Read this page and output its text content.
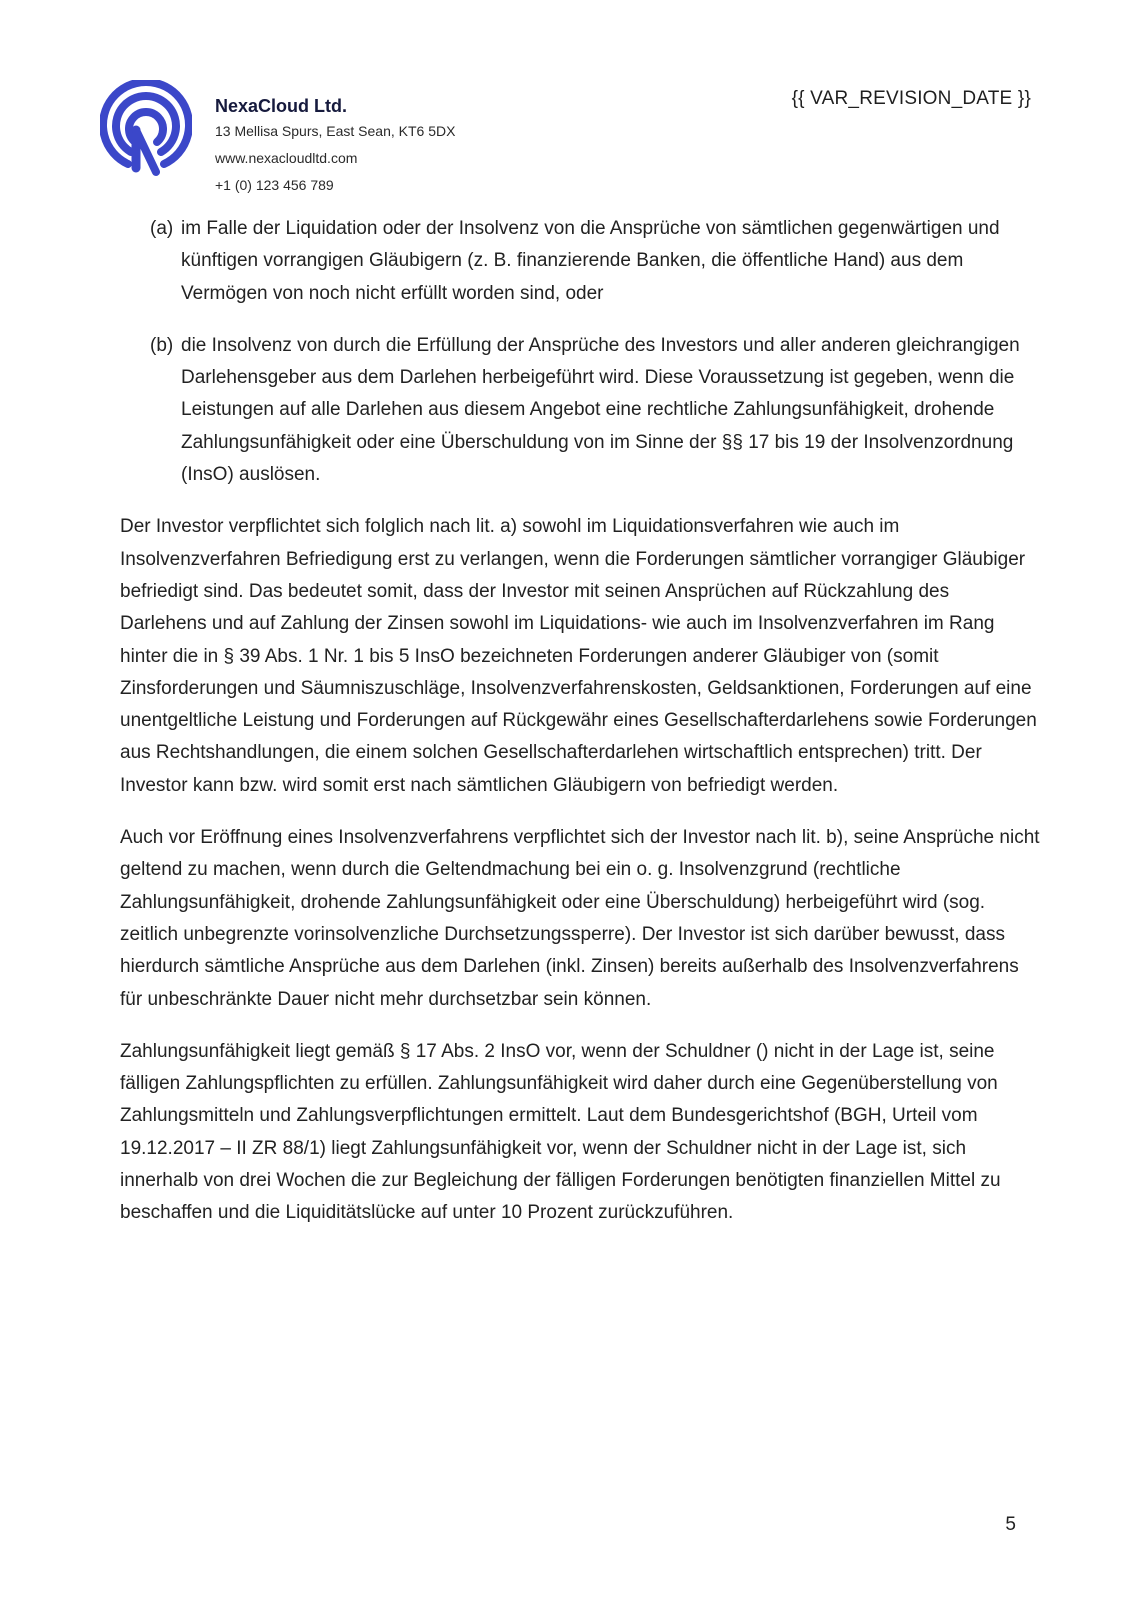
NexaCloud Ltd.
13 Mellisa Spurs, East Sean, KT6 5DX
www.nexacloudltd.com
+1 (0) 123 456 789
{{ VAR_REVISION_DATE }}
(a) im Falle der Liquidation oder der Insolvenz von die Ansprüche von sämtlichen gegenwärtigen und künftigen vorrangigen Gläubigern (z. B. finanzierende Banken, die öffentliche Hand) aus dem Vermögen von noch nicht erfüllt worden sind, oder
(b) die Insolvenz von durch die Erfüllung der Ansprüche des Investors und aller anderen gleichrangigen Darlehensgeber aus dem Darlehen herbeigeführt wird. Diese Voraussetzung ist gegeben, wenn die Leistungen auf alle Darlehen aus diesem Angebot eine rechtliche Zahlungsunfähigkeit, drohende Zahlungsunfähigkeit oder eine Überschuldung von im Sinne der §§ 17 bis 19 der Insolvenzordnung (InsO) auslösen.

Der Investor verpflichtet sich folglich nach lit. a) sowohl im Liquidationsverfahren wie auch im Insolvenzverfahren Befriedigung erst zu verlangen, wenn die Forderungen sämtlicher vorrangiger Gläubiger befriedigt sind. Das bedeutet somit, dass der Investor mit seinen Ansprüchen auf Rückzahlung des Darlehens und auf Zahlung der Zinsen sowohl im Liquidations- wie auch im Insolvenzverfahren im Rang hinter die in § 39 Abs. 1 Nr. 1 bis 5 InsO bezeichneten Forderungen anderer Gläubiger von (somit Zinsforderungen und Säumniszuschläge, Insolvenzverfahrenskosten, Geldsanktionen, Forderungen auf eine unentgeltliche Leistung und Forderungen auf Rückgewähr eines Gesellschafterdarlehens sowie Forderungen aus Rechtshandlungen, die einem solchen Gesellschafterdarlehen wirtschaftlich entsprechen) tritt. Der Investor kann bzw. wird somit erst nach sämtlichen Gläubigern von befriedigt werden.

Auch vor Eröffnung eines Insolvenzverfahrens verpflichtet sich der Investor nach lit. b), seine Ansprüche nicht geltend zu machen, wenn durch die Geltendmachung bei ein o. g. Insolvenzgrund (rechtliche Zahlungsunfähigkeit, drohende Zahlungsunfähigkeit oder eine Überschuldung) herbeigeführt wird (sog. zeitlich unbegrenzte vorinsolvenzliche Durchsetzungssperre). Der Investor ist sich darüber bewusst, dass hierdurch sämtliche Ansprüche aus dem Darlehen (inkl. Zinsen) bereits außerhalb des Insolvenzverfahrens für unbeschränkte Dauer nicht mehr durchsetzbar sein können.

Zahlungsunfähigkeit liegt gemäß § 17 Abs. 2 InsO vor, wenn der Schuldner () nicht in der Lage ist, seine fälligen Zahlungspflichten zu erfüllen. Zahlungsunfähigkeit wird daher durch eine Gegenüberstellung von Zahlungsmitteln und Zahlungsverpflichtungen ermittelt. Laut dem Bundesgerichtshof (BGH, Urteil vom 19.12.2017 – II ZR 88/1) liegt Zahlungsunfähigkeit vor, wenn der Schuldner nicht in der Lage ist, sich innerhalb von drei Wochen die zur Begleichung der fälligen Forderungen benötigten finanziellen Mittel zu beschaffen und die Liquiditätslücke auf unter 10 Prozent zurückzuführen.

5
